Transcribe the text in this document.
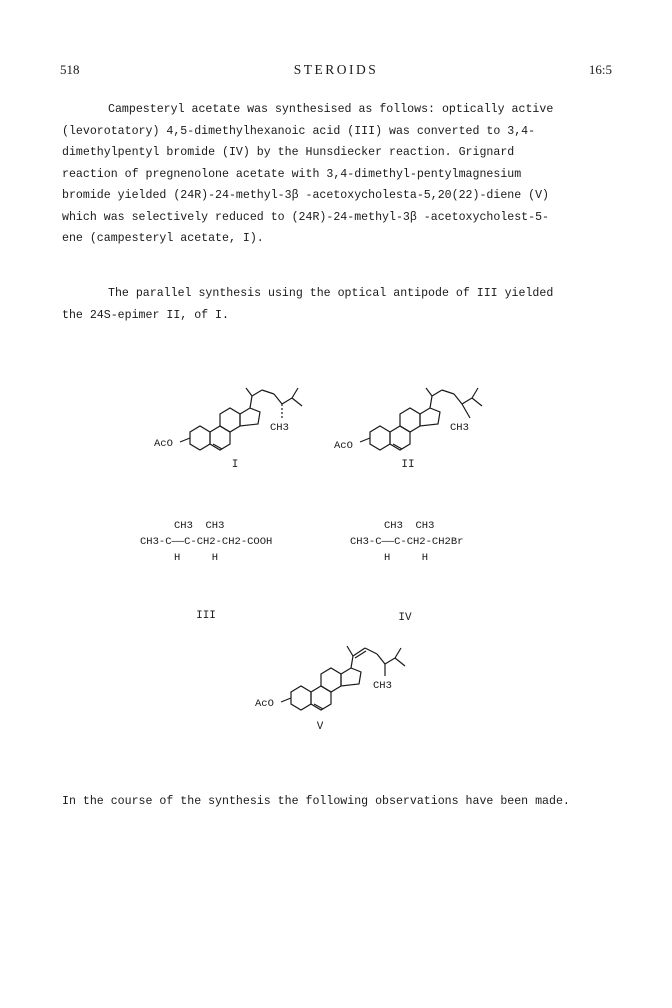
518	STEROIDS	16:5

Campesteryl acetate was synthesised as follows: optically active

(levorotatory) 4,5-dimethylhexanoic acid (III) was converted to 3,4-

dimethylpentyl bromide (IV) by the Hunsdiecker reaction. Grignard

reaction of pregnenolone acetate with 3,4-dimethyl-pentylmagnesium

bromide yielded (24R)-24-methyl-3β -acetoxycholesta-5,20(22)-diene (V)

which was selectively reduced to (24R)-24-methyl-3β -acetoxycholest-5-

ene (campesteryl acetate, I).

The parallel synthesis using the optical antipode of III yielded

the 24S-epimer II, of I.

AcO
CH3
I
AcO
CH3
II
CH3  CH3
CH3-C——C-CH2-CH2-COOH
H     H
III
CH3  CH3
CH3-C——C-CH2-CH2Br
H     H
IV
AcO
CH3
V

In the course of the synthesis the following observations have been made.
